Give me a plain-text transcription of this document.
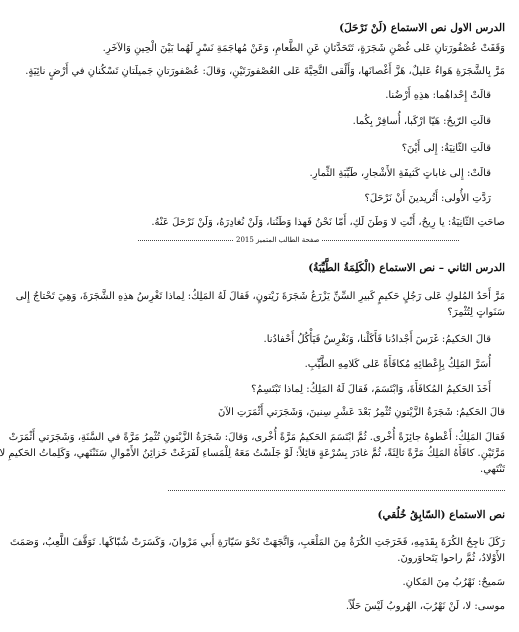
الدرس الاول نص الاستماع (لَنْ نَرْحَلَ)
وَقَفَتْ عُصْفُورَتانِ عَلى غُصْنِ شَجَرَةٍ، تَتَحَدَّثانِ عَنِ الطَّعامِ، وَعَنْ مُهاجَمَةِ نَسْرٍ لَهُما بَيْنَ الْحِينِ وَالآخَرِ.
مَرَّ بِالشَّجَرَةِ هَواءٌ عَليلٌ، هَزَّ أَغْصانَها، وَأَلْقى التَّحِيَّةَ عَلى العُصْفورَتَيْنِ، وَقالَ: عُصْفورَتانِ جَميلَتانِ تَسْكُنانِ في أَرْضٍ نائِيَةٍ.
قالَتْ إِحْداهُما: هذِهِ أَرْضُنا.
قالَتِ الرّيحُ: هَيّا ارْكَبا، أُسافِرْ بِكُما.
قالَتِ الثّانِيَةُ: إِلى أَيْنَ؟
قالَتْ: إِلى غاباتٍ كَثيفَةِ الأَشْجارِ، طَيِّبَةِ الثِّمارِ.
رَدَّتِ الأُولى: أَتُريدينَ أَنْ نَرْحَلَ؟
صاحَتِ الثّانِيَةُ: يا رِيحُ، أَنْتِ لا وَطَنَ لَكِ، أَمّا نَحْنُ فَهذا وَطَنُنا، وَلَنْ نُغادِرَهُ، وَلَنْ نَرْحَلَ عَنْهُ.
صفحة الطالب المتميز 2015
الدرس الثاني – نص الاستماع (الْكَلِمَةُ الطَّيِّبَةُ)
مَرَّ أَحَدُ المُلوكِ عَلى رَجُلٍ حَكيمٍ كَبيرِ السِّنِّ يَزْرَعُ شَجَرَةَ زَيْتونٍ، فَقالَ لَهُ المَلِكُ: لِماذا تَغْرِسُ هذِهِ الشَّجَرَةَ، وَهِيَ تَحْتاجُ إِلى
سَنَواتٍ لِتُثْمِرَ؟
قالَ الحَكيمُ: غَرَسَ أَجْدادُنا فَأَكَلْنا، وَنَغْرِسُ فَيَأْكُلُ أَحْفادُنا.
أُسَرَّ المَلِكُ بِإِعْطائِهِ مُكافَأَةً عَلى كَلامِهِ الطَّيِّبِ.
أَخَذَ الحَكيمُ المُكافَأَةَ، وَابْتَسَمَ، فَقالَ لَهُ المَلِكُ: لِماذا تَبْتَسِمُ؟
قالَ الحَكيمُ: شَجَرَةُ الزَّيْتونِ تُثْمِرُ بَعْدَ عَشْرِ سِنينَ، وَشَجَرَتي أَثْمَرَتِ الآنَ
فَقالَ المَلِكُ: أَعْطوهُ جائِزَةً أُخْرى. ثُمَّ ابْتَسَمَ الحَكيمُ مَرَّةً أُخْرى، وَقالَ: شَجَرَةُ الزَّيْتونِ تُثْمِرُ مَرَّةً في السَّنَةِ، وَشَجَرَتي أَثْمَرَتْ
مَرَّتَيْنِ. كافَأَهُ المَلِكُ مَرَّةً ثالِثَةً، ثُمَّ غادَرَ بِسُرْعَةٍ قائِلاً: لَوْ جَلَسْتُ مَعَهُ لِلْمَساءِ لَفَرَغَتْ خَزائِنُ الأَمْوالِ سَتَنْتَهي، وَكَلِماتُ الحَكيمِ لا
تَنْتَهي.
نص الاستماع (السّابِقُ خُلُقي)
رَكَلَ ناجِحُ الكُرَةَ بِقَدَمِهِ، فَخَرَجَتِ الكُرَةُ مِنَ المَلْعَبِ، وَاتَّجَهَتْ نَحْوَ سَيّارَةِ أَبي مَرْوانَ، وَكَسَرَتْ شُبّاكَها. تَوَقَّفَ اللَّعِبُ، وَصَمَتَ
الأَوْلادُ، ثُمَّ راحوا يَتَحاوَرونَ.
سَميحٌ: نَهْرُبُ مِنَ المَكانِ.
موسى: لا، لَنْ نَهْرُبَ، الهُروبُ لَيْسَ حَلّاً.
